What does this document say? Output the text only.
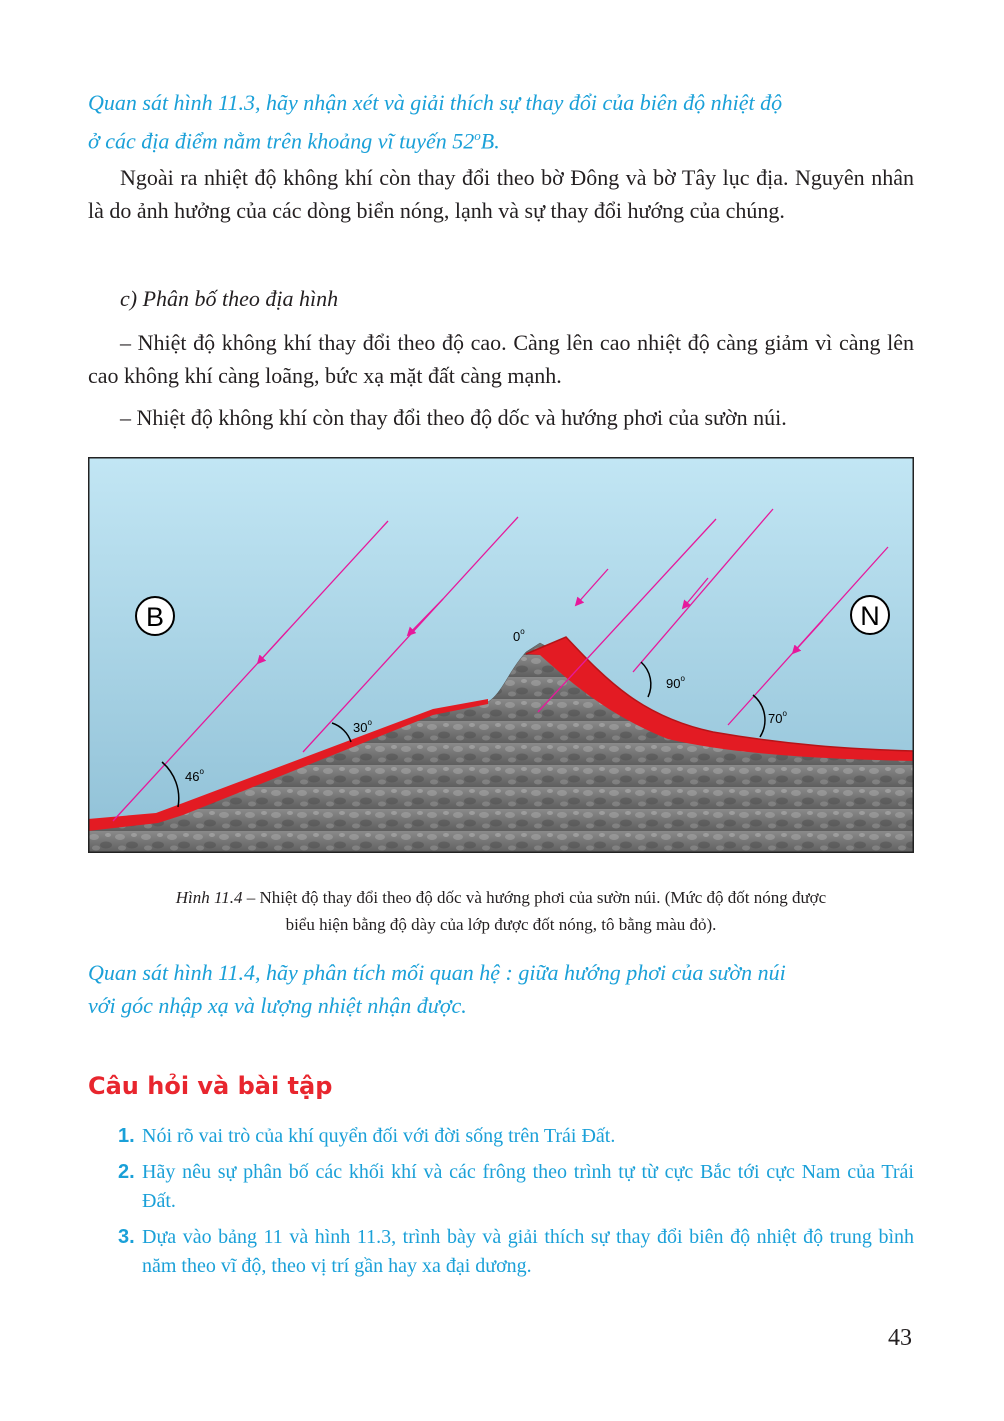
Quan sát hình 11.3, hãy nhận xét và giải thích sự thay đổi của biên độ nhiệt độ
ở các địa điểm nằm trên khoảng vĩ tuyến 52$^o$B.

Ngoài ra nhiệt độ không khí còn thay đổi theo bờ Đông và bờ Tây lục địa. Nguyên nhân là do ảnh hưởng của các dòng biển nóng, lạnh và sự thay đổi hướng của chúng.

c) Phân bố theo địa hình

– Nhiệt độ không khí thay đổi theo độ cao. Càng lên cao nhiệt độ càng giảm vì càng lên cao không khí càng loãng, bức xạ mặt đất càng mạnh.

– Nhiệt độ không khí còn thay đổi theo độ dốc và hướng phơi của sườn núi.

46$^o$
30$^o$
0$^o$
90$^o$
70$^o$
B	N

Hình 11.4 – Nhiệt độ thay đổi theo độ dốc và hướng phơi của sườn núi. (Mức độ đốt nóng được
biểu hiện bằng độ dày của lớp được đốt nóng, tô bằng màu đỏ).

Quan sát hình 11.4, hãy phân tích mối quan hệ : giữa hướng phơi của sườn núi
với góc nhập xạ và lượng nhiệt nhận được.

Câu hỏi và bài tập
1. Nói rõ vai trò của khí quyển đối với đời sống trên Trái Đất.
2. Hãy nêu sự phân bố các khối khí và các frông theo trình tự từ cực Bắc tới cực Nam của Trái Đất.
3. Dựa vào bảng 11 và hình 11.3, trình bày và giải thích sự thay đổi biên độ nhiệt độ trung bình năm theo vĩ độ, theo vị trí gần hay xa đại dương.

43
